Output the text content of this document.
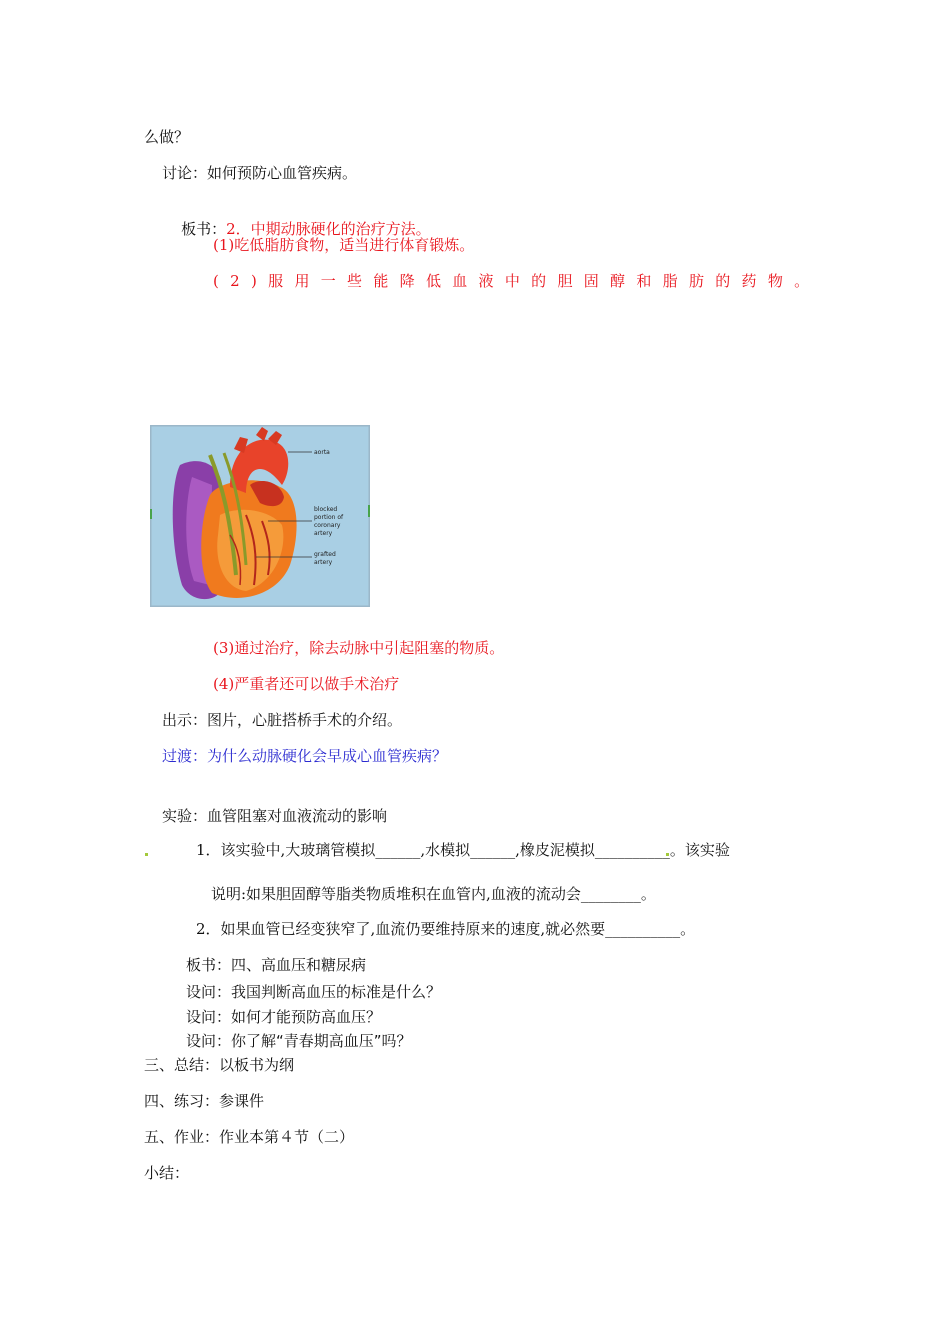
么做？
讨论：如何预防心血管疾病。

板书：2．中期动脉硬化的治疗方法。

(1)吃低脂肪食物，适当进行体育锻炼。
(2)服用一些能降低血液中的胆固醇和脂肪的药物。
aorta
blocked
portion of
coronary
artery
grafted
artery
(3)通过治疗，除去动脉中引起阻塞的物质。
(4)严重者还可以做手术治疗
出示：图片，心脏搭桥手术的介绍。
过渡：为什么动脉硬化会早成心血管疾病？
实验：血管阻塞对血液流动的影响
1．该实验中,大玻璃管模拟______,水模拟______,橡皮泥模拟__________。该实验
说明:如果胆固醇等脂类物质堆积在血管内,血液的流动会________。
2．如果血管已经变狭窄了,血流仍要维持原来的速度,就必然要__________。
板书：四、高血压和糖尿病
设问：我国判断高血压的标准是什么？
设问：如何才能预防高血压？
设问：你了解“青春期高血压”吗？
三、总结：以板书为纲
四、练习：参课件
五、作业：作业本第４节（二）
小结：
